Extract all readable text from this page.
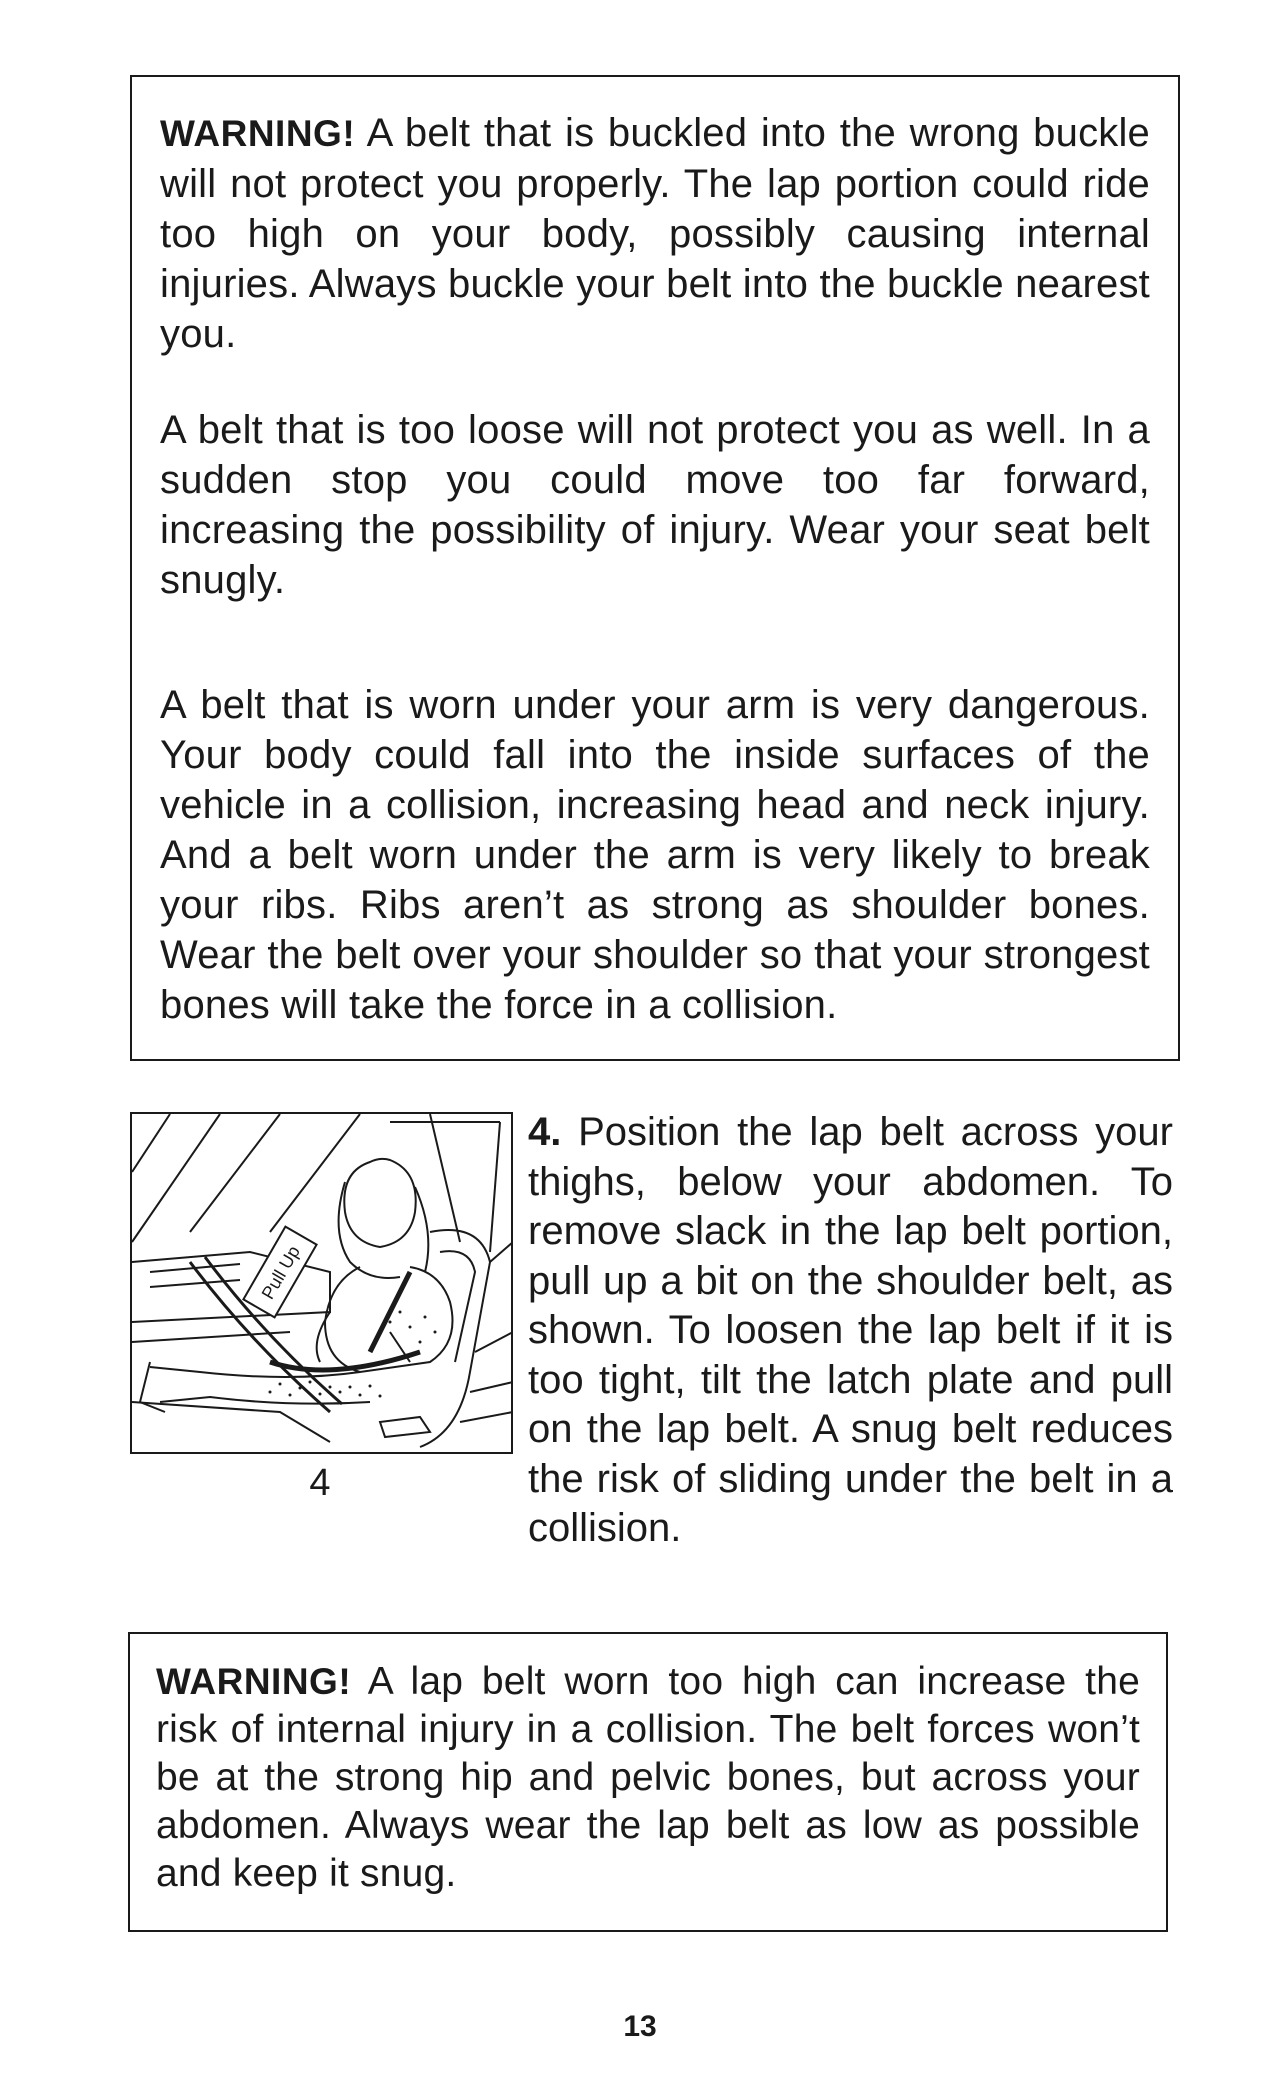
WARNING! A belt that is buckled into the wrong buckle will not protect you properly. The lap portion could ride too high on your body, possibly causing internal injuries. Always buckle your belt into the buckle nearest you.

A belt that is too loose will not protect you as well. In a sudden stop you could move too far forward, increasing the possibility of injury. Wear your seat belt snugly.

A belt that is worn under your arm is very dangerous. Your body could fall into the inside surfaces of the vehicle in a collision, increasing head and neck injury. And a belt worn under the arm is very likely to break your ribs. Ribs aren’t as strong as shoulder bones. Wear the belt over your shoulder so that your strongest bones will take the force in a collision.

Pull Up
4

4. Position the lap belt across your thighs, below your abdomen. To remove slack in the lap belt portion, pull up a bit on the shoulder belt, as shown. To loosen the lap belt if it is too tight, tilt the latch plate and pull on the lap belt. A snug belt reduces the risk of sliding under the belt in a collision.

WARNING! A lap belt worn too high can increase the risk of internal injury in a collision. The belt forces won’t be at the strong hip and pelvic bones, but across your abdomen. Always wear the lap belt as low as possible and keep it snug.

13
